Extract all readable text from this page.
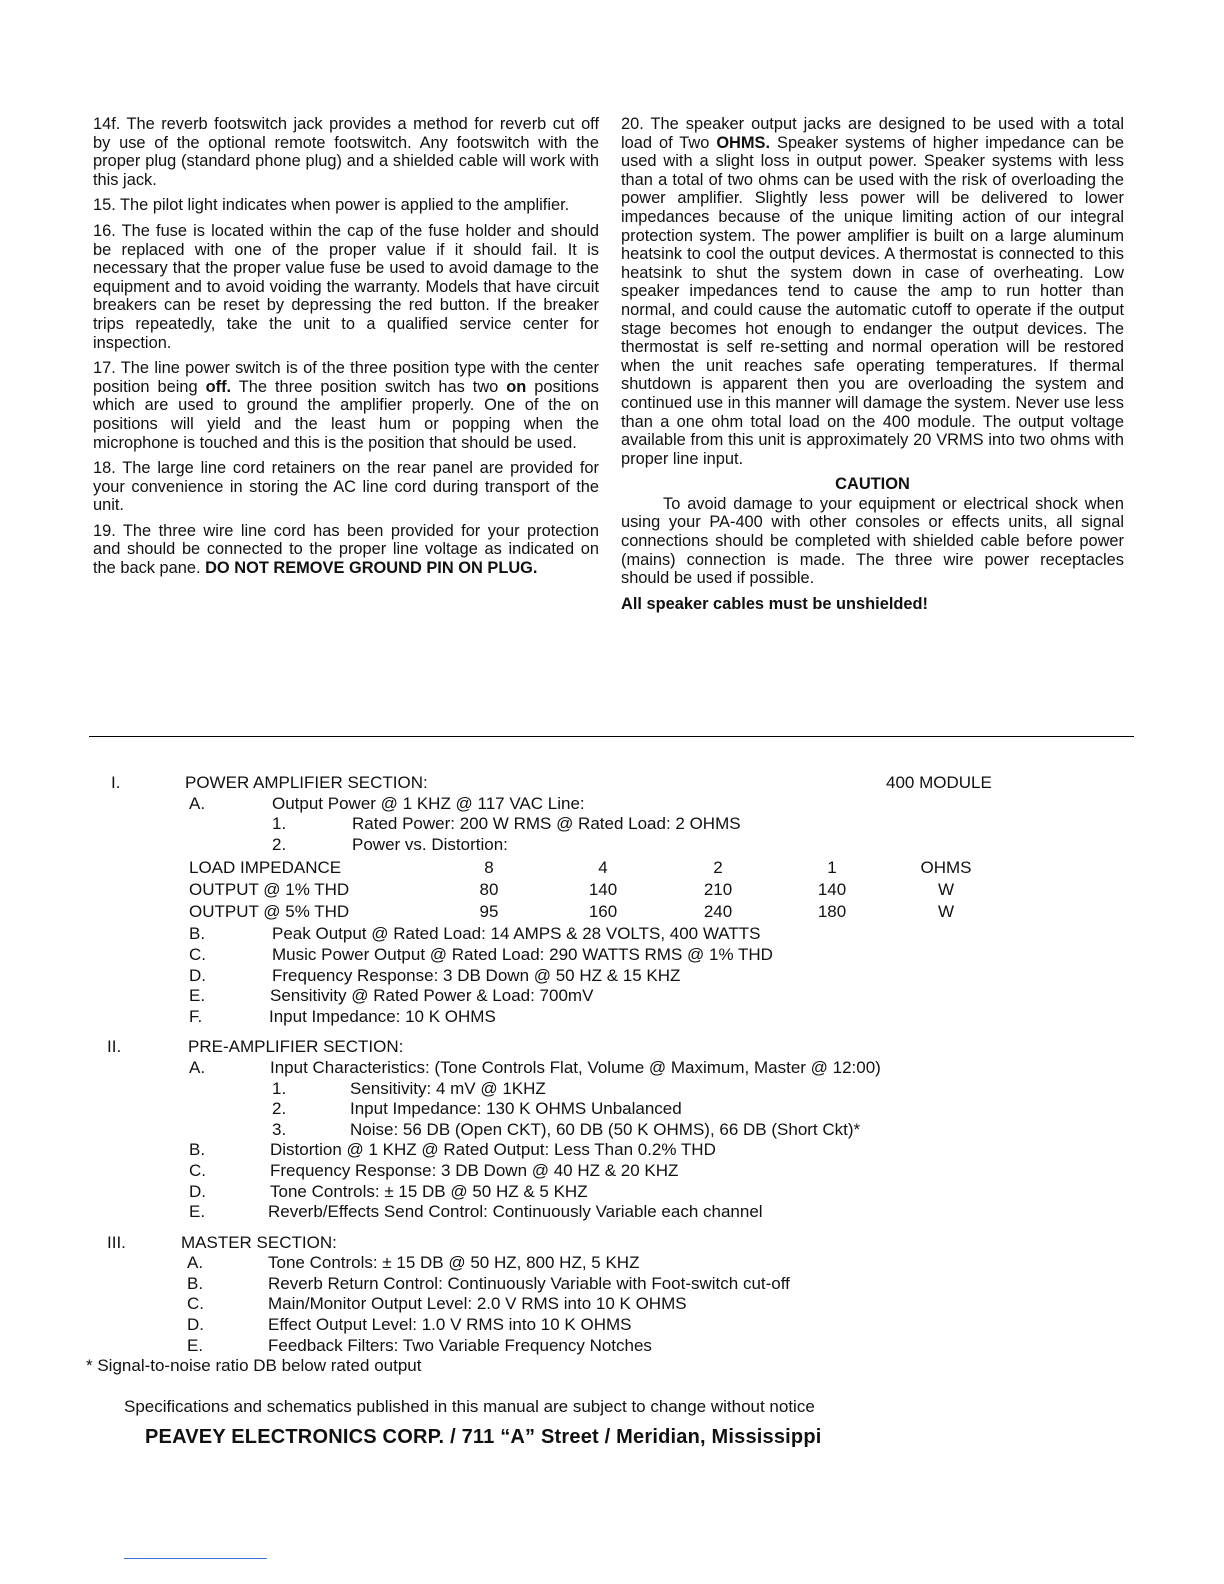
14f. The reverb footswitch jack provides a method for reverb cut off by use of the optional remote footswitch. Any footswitch with the proper plug (standard phone plug) and a shielded cable will work with this jack.

15. The pilot light indicates when power is applied to the amplifier.

16. The fuse is located within the cap of the fuse holder and should be replaced with one of the proper value if it should fail. It is necessary that the proper value fuse be used to avoid damage to the equipment and to avoid voiding the warranty. Models that have circuit breakers can be reset by depressing the red button. If the breaker trips repeatedly, take the unit to a qualified service center for inspection.

17. The line power switch is of the three position type with the center position being off. The three position switch has two on positions which are used to ground the amplifier properly. One of the on positions will yield and the least hum or popping when the microphone is touched and this is the position that should be used.

18. The large line cord retainers on the rear panel are provided for your convenience in storing the AC line cord during transport of the unit.

19. The three wire line cord has been provided for your protection and should be connected to the proper line voltage as indicated on the back pane. DO NOT REMOVE GROUND PIN ON PLUG.

20. The speaker output jacks are designed to be used with a total load of Two OHMS. Speaker systems of higher impedance can be used with a slight loss in output power. Speaker systems with less than a total of two ohms can be used with the risk of overloading the power amplifier. Slightly less power will be delivered to lower impedances because of the unique limiting action of our integral protection system. The power amplifier is built on a large aluminum heatsink to cool the output devices. A thermostat is connected to this heatsink to shut the system down in case of overheating. Low speaker impedances tend to cause the amp to run hotter than normal, and could cause the automatic cutoff to operate if the output stage becomes hot enough to endanger the output devices. The thermostat is self re-setting and normal operation will be restored when the unit reaches safe operating temperatures. If thermal shutdown is apparent then you are overloading the system and continued use in this manner will damage the system. Never use less than a one ohm total load on the 400 module. The output voltage available from this unit is approximately 20 VRMS into two ohms with proper line input.

CAUTION

To avoid damage to your equipment or electrical shock when using your PA-400 with other consoles or effects units, all signal connections should be completed with shielded cable before power (mains) connection is made. The three wire power receptacles should be used if possible.

All speaker cables must be unshielded!

I.	POWER AMPLIFIER SECTION:	400 MODULE
A.	Output Power @ 1 KHZ @ 117 VAC Line:
1.	Rated Power: 200 W RMS @ Rated Load: 2 OHMS
2.	Power vs. Distortion:
LOAD IMPEDANCE	8	4	2	1	OHMS
OUTPUT @ 1% THD	80	140	210	140	W
OUTPUT @ 5% THD	95	160	240	180	W
B.	Peak Output @ Rated Load: 14 AMPS & 28 VOLTS, 400 WATTS
C.	Music Power Output @ Rated Load: 290 WATTS RMS @ 1% THD
D.	Frequency Response: 3 DB Down @ 50 HZ & 15 KHZ
E.	Sensitivity @ Rated Power & Load: 700mV
F.	Input Impedance: 10 K OHMS
II.	PRE-AMPLIFIER SECTION:
A.	Input Characteristics: (Tone Controls Flat, Volume @ Maximum, Master @ 12:00)
1.	Sensitivity: 4 mV @ 1KHZ
2.	Input Impedance: 130 K OHMS Unbalanced
3.	Noise: 56 DB (Open CKT), 60 DB (50 K OHMS), 66 DB (Short Ckt)*
B.	Distortion @ 1 KHZ @ Rated Output: Less Than 0.2% THD
C.	Frequency Response: 3 DB Down @ 40 HZ & 20 KHZ
D.	Tone Controls: ± 15 DB @ 50 HZ & 5 KHZ
E.	Reverb/Effects Send Control: Continuously Variable each channel
III.	MASTER SECTION:
A.	Tone Controls: ± 15 DB @ 50 HZ, 800 HZ, 5 KHZ
B.	Reverb Return Control: Continuously Variable with Foot-switch cut-off
C.	Main/Monitor Output Level: 2.0 V RMS into 10 K OHMS
D.	Effect Output Level: 1.0 V RMS into 10 K OHMS
E.	Feedback Filters: Two Variable Frequency Notches
* Signal-to-noise ratio DB below rated output
Specifications and schematics published in this manual are subject to change without notice
PEAVEY ELECTRONICS CORP. / 711 “A” Street / Meridian, Mississippi
